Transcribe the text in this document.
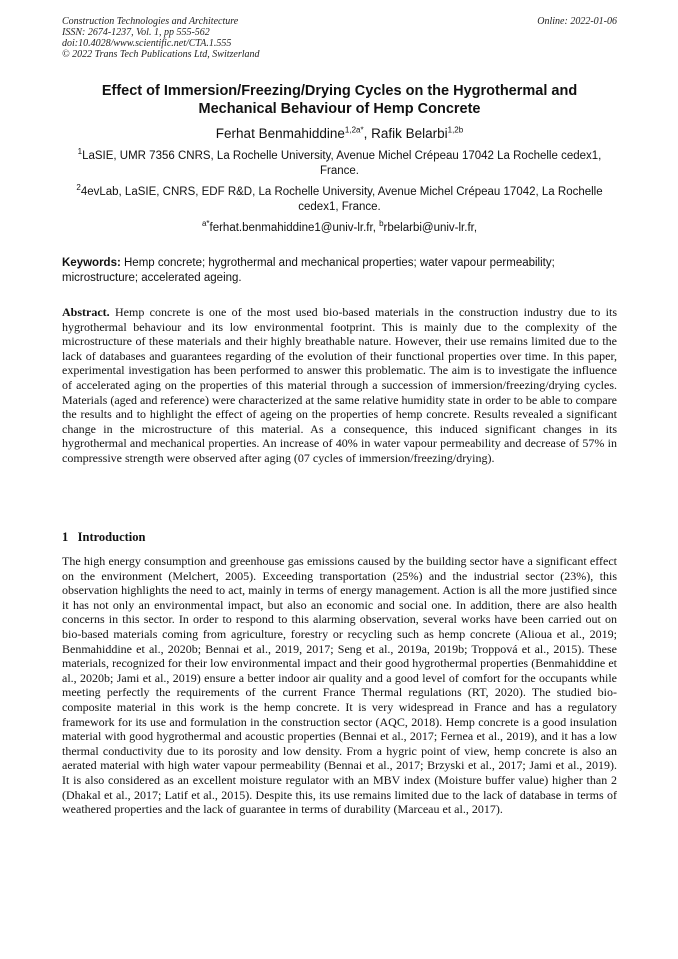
Construction Technologies and Architecture
ISSN: 2674-1237, Vol. 1, pp 555-562
doi:10.4028/www.scientific.net/CTA.1.555
© 2022 Trans Tech Publications Ltd, Switzerland
Online: 2022-01-06
Effect of Immersion/Freezing/Drying Cycles on the Hygrothermal and Mechanical Behaviour of Hemp Concrete
Ferhat Benmahiddine$^{1,2a*}$, Rafik Belarbi$^{1,2b}$
$^1$LaSIE, UMR 7356 CNRS, La Rochelle University, Avenue Michel Crépeau 17042 La Rochelle cedex1, France.
$^2$4evLab, LaSIE, CNRS, EDF R&D, La Rochelle University, Avenue Michel Crépeau 17042, La Rochelle cedex1, France.
$^{a*}$ferhat.benmahiddine1@univ-lr.fr, $^b$rbelarbi@univ-lr.fr,
Keywords: Hemp concrete; hygrothermal and mechanical properties; water vapour permeability; microstructure; accelerated ageing.

Abstract. Hemp concrete is one of the most used bio-based materials in the construction industry due to its hygrothermal behaviour and its low environmental footprint. This is mainly due to the complexity of the microstructure of these materials and their highly breathable nature. However, their use remains limited due to the lack of databases and guarantees regarding of the evolution of their functional properties over time. In this paper, experimental investigation has been performed to answer this problematic. The aim is to investigate the influence of accelerated aging on the properties of this material through a succession of immersion/freezing/drying cycles. Materials (aged and reference) were characterized at the same relative humidity state in order to be able to compare the results and to highlight the effect of ageing on the properties of hemp concrete. Results revealed a significant change in the microstructure of this material. As a consequence, this induced significant changes in its hygrothermal and mechanical properties. An increase of 40% in water vapour permeability and decrease of 57% in compressive strength were observed after aging (07 cycles of immersion/freezing/drying).

1 Introduction

The high energy consumption and greenhouse gas emissions caused by the building sector have a significant effect on the environment (Melchert, 2005). Exceeding transportation (25%) and the industrial sector (23%), this observation highlights the need to act, mainly in terms of energy management. Action is all the more justified since it has not only an environmental impact, but also an economic and social one. In addition, there are also health concerns in this sector. In order to respond to this alarming observation, several works have been carried out on bio-based materials coming from agriculture, forestry or recycling such as hemp concrete (Alioua et al., 2019; Benmahiddine et al., 2020b; Bennai et al., 2019, 2017; Seng et al., 2019a, 2019b; Troppová et al., 2015). These materials, recognized for their low environmental impact and their good hygrothermal properties (Benmahiddine et al., 2020b; Jami et al., 2019) ensure a better indoor air quality and a good level of comfort for the occupants while meeting perfectly the requirements of the current France Thermal regulations (RT, 2020). The studied bio-composite material in this work is the hemp concrete. It is very widespread in France and has a regulatory framework for its use and formulation in the construction sector (AQC, 2018). Hemp concrete is a good insulation material with good hygrothermal and acoustic properties (Bennai et al., 2017; Fernea et al., 2019), and it has a low thermal conductivity due to its porosity and low density. From a hygric point of view, hemp concrete is also an aerated material with high water vapour permeability (Bennai et al., 2017; Brzyski et al., 2017; Jami et al., 2019). It is also considered as an excellent moisture regulator with an MBV index (Moisture buffer value) higher than 2 (Dhakal et al., 2017; Latif et al., 2015). Despite this, its use remains limited due to the lack of database in terms of weathered properties and the lack of guarantee in terms of durability (Marceau et al., 2017).
